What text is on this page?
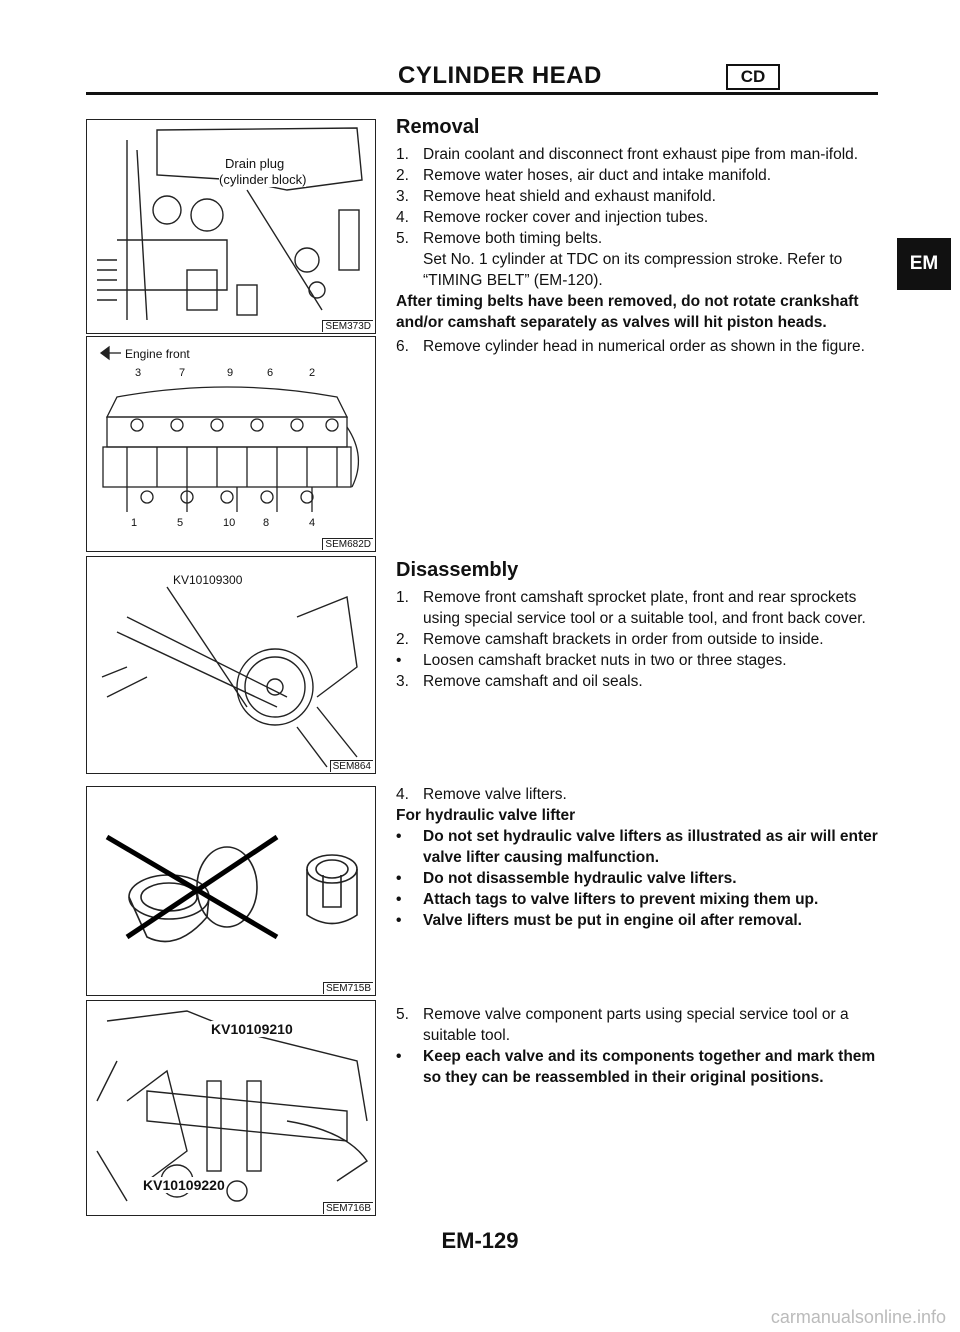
CYLINDER HEAD	CD
EM
Drain plug
(cylinder block)
SEM373D
Engine front
3	7	9	6	2
1	5	10	8	4
SEM682D
KV10109300
SEM864
SEM715B
KV10109210
KV10109220
SEM716B
Removal
1. Drain coolant and disconnect front exhaust pipe from man-ifold.
2. Remove water hoses, air duct and intake manifold.
3. Remove heat shield and exhaust manifold.
4. Remove rocker cover and injection tubes.
5. Remove both timing belts.
Set No. 1 cylinder at TDC on its compression stroke. Refer to “TIMING BELT” (EM-120).
After timing belts have been removed, do not rotate crankshaft and/or camshaft separately as valves will hit piston heads.
6. Remove cylinder head in numerical order as shown in the figure.
Disassembly
1. Remove front camshaft sprocket plate, front and rear sprockets using special service tool or a suitable tool, and front back cover.
2. Remove camshaft brackets in order from outside to inside.
• Loosen camshaft bracket nuts in two or three stages.
3. Remove camshaft and oil seals.
4. Remove valve lifters.
For hydraulic valve lifter
• Do not set hydraulic valve lifters as illustrated as air will enter valve lifter causing malfunction.
• Do not disassemble hydraulic valve lifters.
• Attach tags to valve lifters to prevent mixing them up.
• Valve lifters must be put in engine oil after removal.
5. Remove valve component parts using special service tool or a suitable tool.
• Keep each valve and its components together and mark them so they can be reassembled in their original positions.
EM-129
carmanualsonline.info
